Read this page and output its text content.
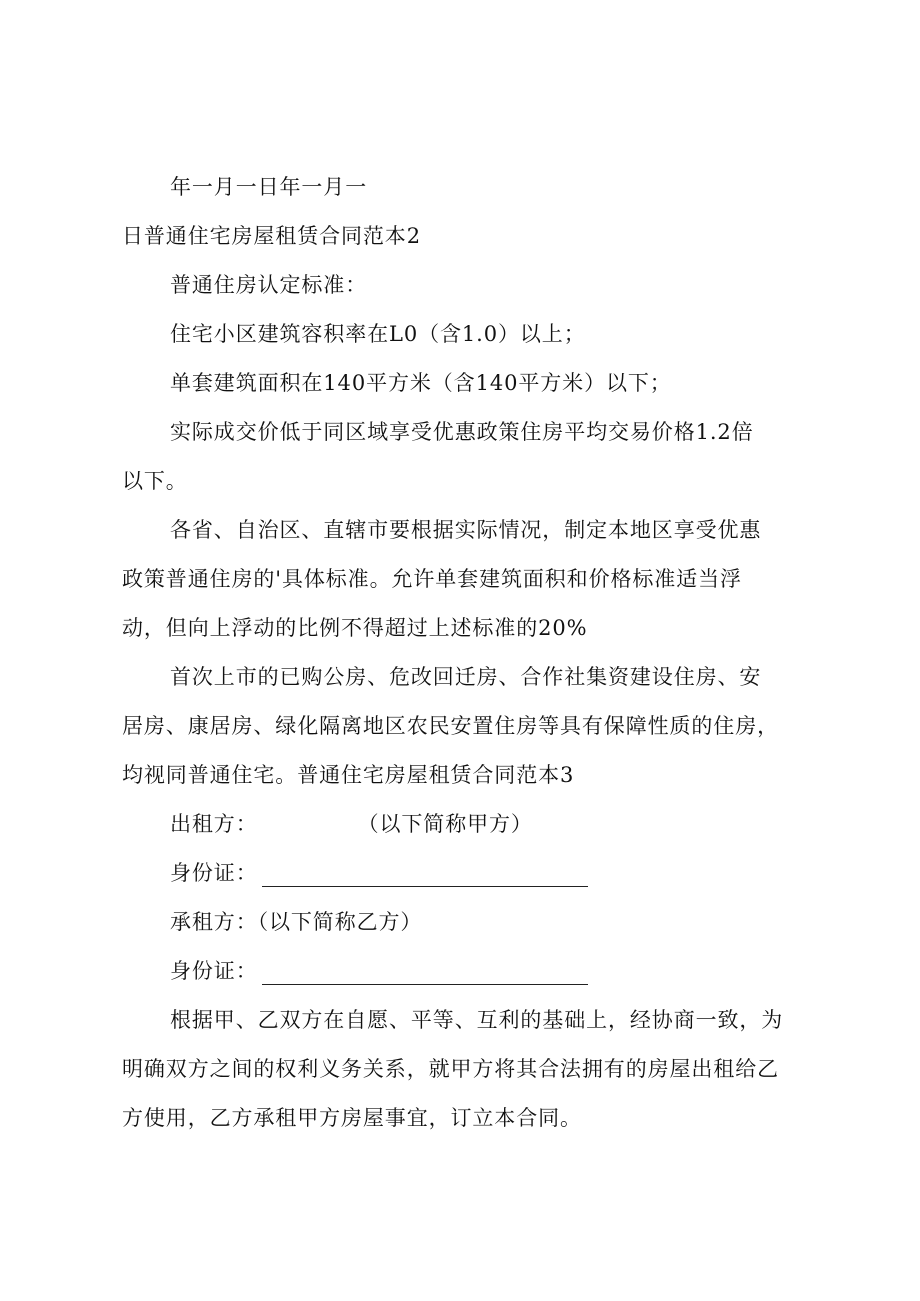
年一月一日年一月一
日普通住宅房屋租赁合同范本2
普通住房认定标准：
住宅小区建筑容积率在L0（含1.0）以上；
单套建筑面积在140平方米（含140平方米）以下；
实际成交价低于同区域享受优惠政策住房平均交易价格1.2倍
以下。
各省、自治区、直辖市要根据实际情况，制定本地区享受优惠
政策普通住房的'具体标准。允许单套建筑面积和价格标准适当浮
动，但向上浮动的比例不得超过上述标准的20%
首次上市的已购公房、危改回迁房、合作社集资建设住房、安
居房、康居房、绿化隔离地区农民安置住房等具有保障性质的住房，
均视同普通住宅。普通住宅房屋租赁合同范本3
出租方：	（以下简称甲方）
身份证：
承租方：（以下简称乙方）
身份证：
根据甲、乙双方在自愿、平等、互利的基础上，经协商一致，为
明确双方之间的权利义务关系，就甲方将其合法拥有的房屋出租给乙
方使用，乙方承租甲方房屋事宜，订立本合同。
